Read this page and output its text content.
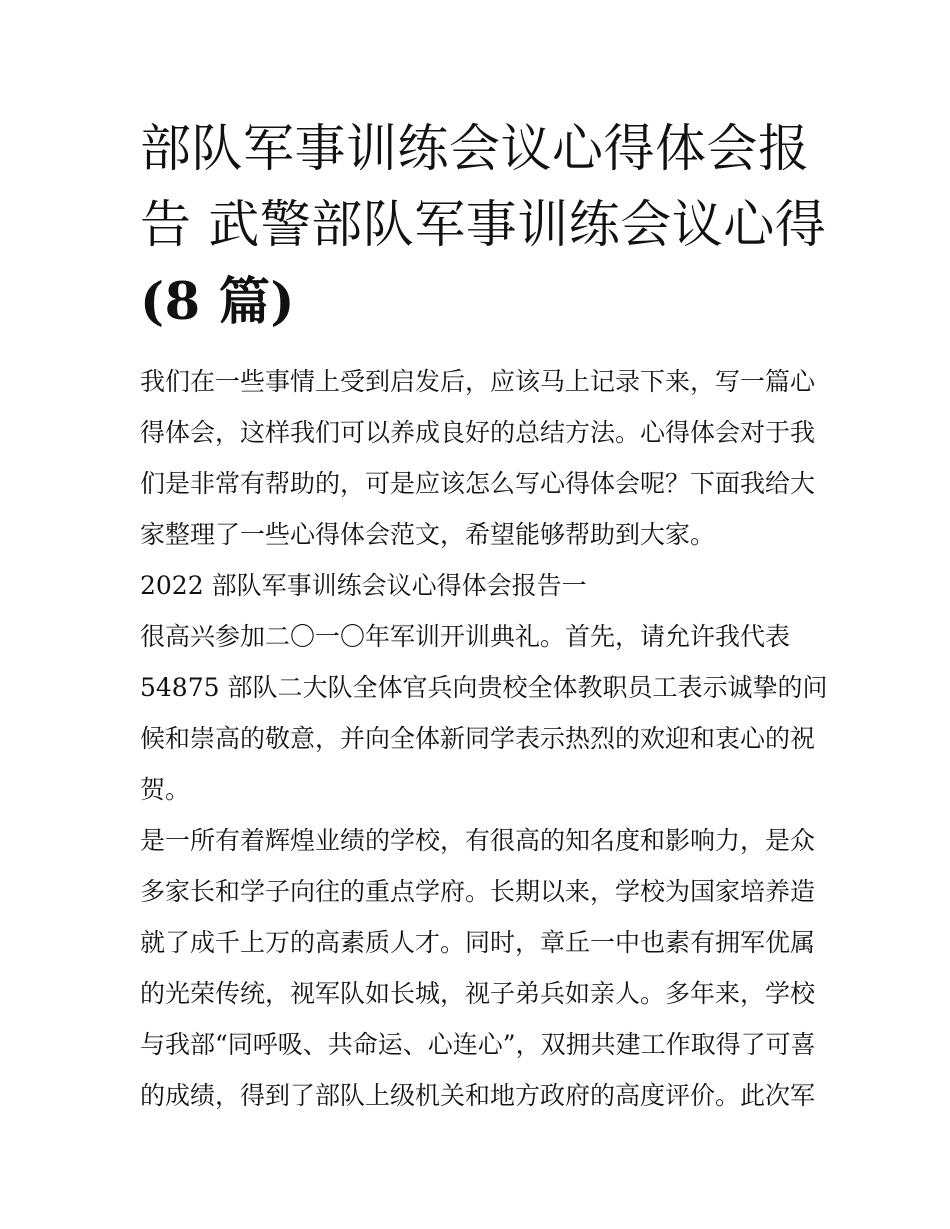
部队军事训练会议心得体会报
告 武警部队军事训练会议心得
(8 篇)

我们在一些事情上受到启发后，应该马上记录下来，写一篇心
得体会，这样我们可以养成良好的总结方法。心得体会对于我
们是非常有帮助的，可是应该怎么写心得体会呢？下面我给大
家整理了一些心得体会范文，希望能够帮助到大家。

2022 部队军事训练会议心得体会报告一

很高兴参加二〇一〇年军训开训典礼。首先，请允许我代表
54875 部队二大队全体官兵向贵校全体教职员工表示诚挚的问
候和崇高的敬意，并向全体新同学表示热烈的欢迎和衷心的祝
贺。

是一所有着辉煌业绩的学校，有很高的知名度和影响力，是众
多家长和学子向往的重点学府。长期以来，学校为国家培养造
就了成千上万的高素质人才。同时，章丘一中也素有拥军优属
的光荣传统，视军队如长城，视子弟兵如亲人。多年来，学校
与我部“同呼吸、共命运、心连心”，双拥共建工作取得了可喜
的成绩，得到了部队上级机关和地方政府的高度评价。此次军
